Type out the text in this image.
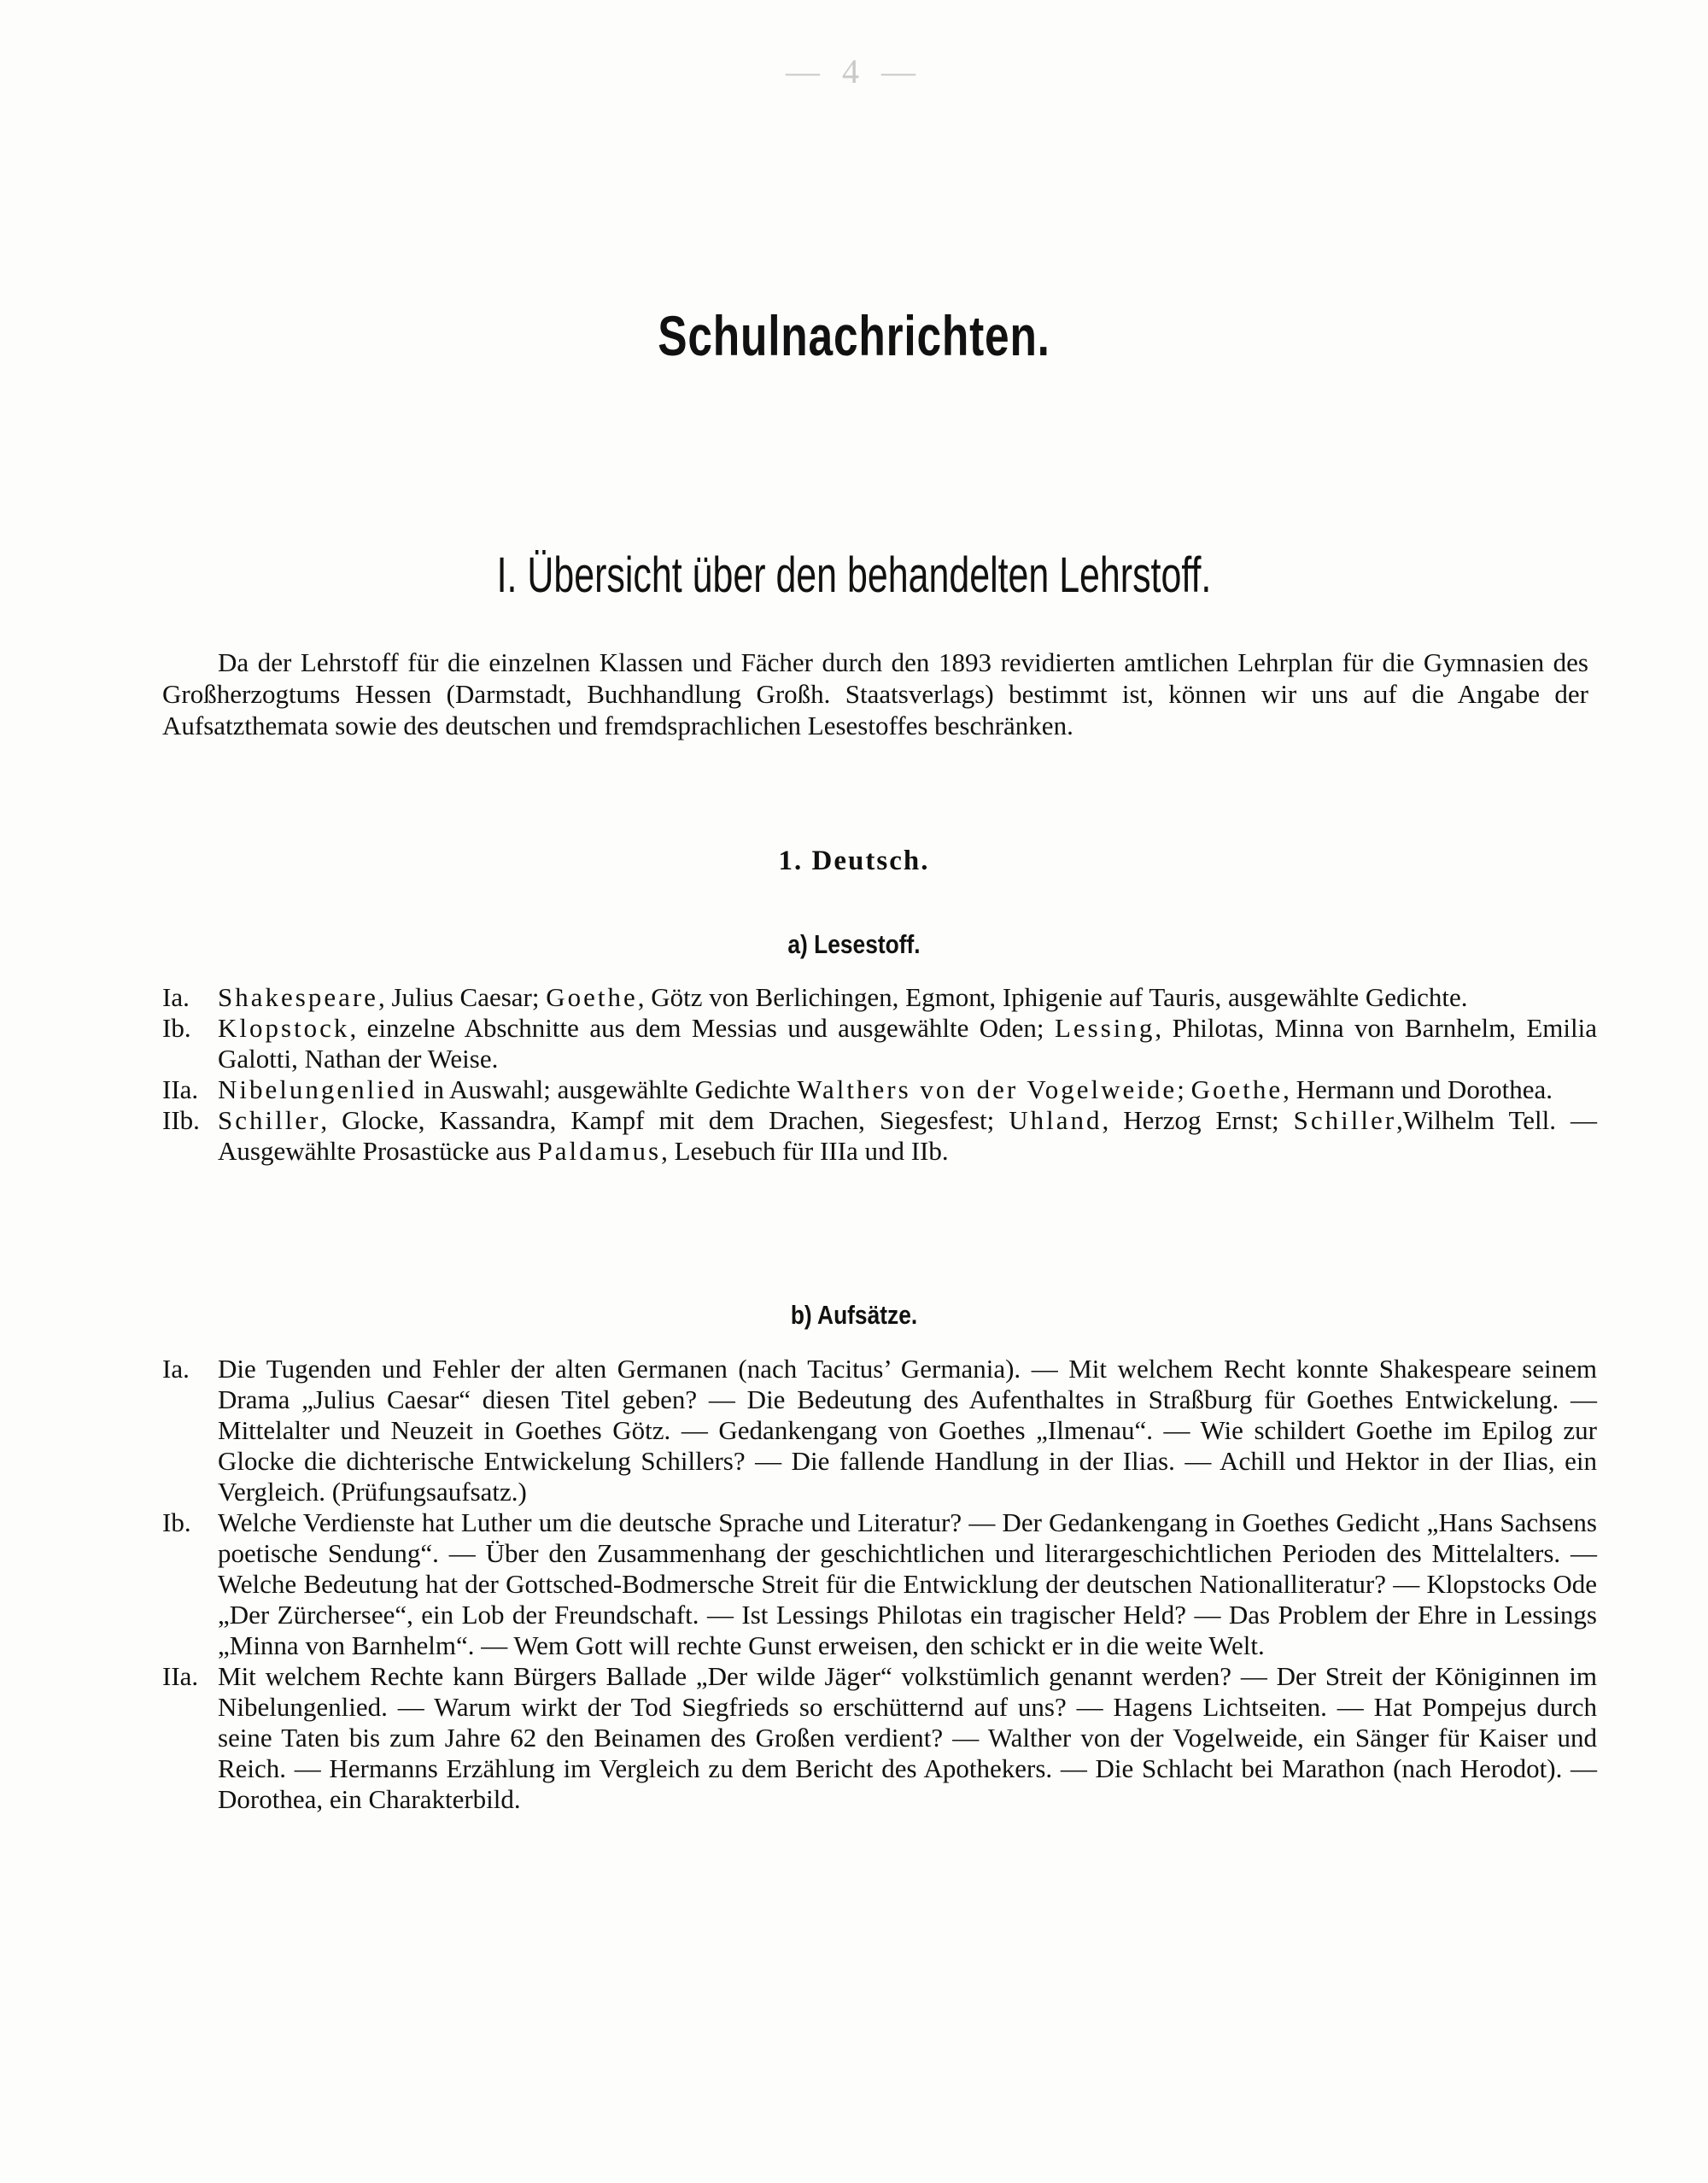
— 4 —
Schulnachrichten.
I. Übersicht über den behandelten Lehrstoff.
Da der Lehrstoff für die einzelnen Klassen und Fächer durch den 1893 revidierten amtlichen Lehrplan für die Gymnasien des Großherzogtums Hessen (Darmstadt, Buchhandlung Großh. Staatsverlags) bestimmt ist, können wir uns auf die Angabe der Aufsatzthemata sowie des deutschen und fremdsprachlichen Lesestoffes beschränken.
1. Deutsch.
a) Lesestoff.
Ia.	Shakespeare, Julius Caesar; Goethe, Götz von Berlichingen, Egmont, Iphigenie auf Tauris, ausgewählte Gedichte.
Ib.	Klopstock, einzelne Abschnitte aus dem Messias und ausgewählte Oden; Lessing, Philotas, Minna von Barnhelm, Emilia Galotti, Nathan der Weise.
IIa. Nibelungenlied in Auswahl; ausgewählte Gedichte Walthers von der Vogelweide; Goethe, Hermann und Dorothea.
IIb. Schiller, Glocke, Kassandra, Kampf mit dem Drachen, Siegesfest; Uhland, Herzog Ernst; Schiller,Wilhelm Tell. — Ausgewählte Prosastücke aus Paldamus, Lesebuch für IIIa und IIb.
b) Aufsätze.
Ia.	Die Tugenden und Fehler der alten Germanen (nach Tacitus’ Germania). — Mit welchem Recht konnte Shakespeare seinem Drama „Julius Caesar“ diesen Titel geben? — Die Bedeutung des Aufenthaltes in Straßburg für Goethes Entwickelung. — Mittelalter und Neuzeit in Goethes Götz. — Gedankengang von Goethes „Ilmenau“. — Wie schildert Goethe im Epilog zur Glocke die dichterische Entwickelung Schillers? — Die fallende Handlung in der Ilias. — Achill und Hektor in der Ilias, ein Vergleich. (Prüfungsaufsatz.)
Ib.	Welche Verdienste hat Luther um die deutsche Sprache und Literatur? — Der Gedankengang in Goethes Gedicht „Hans Sachsens poetische Sendung“. — Über den Zusammenhang der geschichtlichen und literargeschichtlichen Perioden des Mittelalters. — Welche Bedeutung hat der Gottsched-Bodmersche Streit für die Entwicklung der deutschen Nationalliteratur? — Klopstocks Ode „Der Zürchersee“, ein Lob der Freundschaft. — Ist Lessings Philotas ein tragischer Held? — Das Problem der Ehre in Lessings „Minna von Barnhelm“. — Wem Gott will rechte Gunst erweisen, den schickt er in die weite Welt.
IIa. Mit welchem Rechte kann Bürgers Ballade „Der wilde Jäger“ volkstümlich genannt werden? — Der Streit der Königinnen im Nibelungenlied. — Warum wirkt der Tod Siegfrieds so erschütternd auf uns? — Hagens Lichtseiten. — Hat Pompejus durch seine Taten bis zum Jahre 62 den Beinamen des Großen verdient? — Walther von der Vogelweide, ein Sänger für Kaiser und Reich. — Hermanns Erzählung im Vergleich zu dem Bericht des Apothekers. — Die Schlacht bei Marathon (nach Herodot). — Dorothea, ein Charakterbild.
